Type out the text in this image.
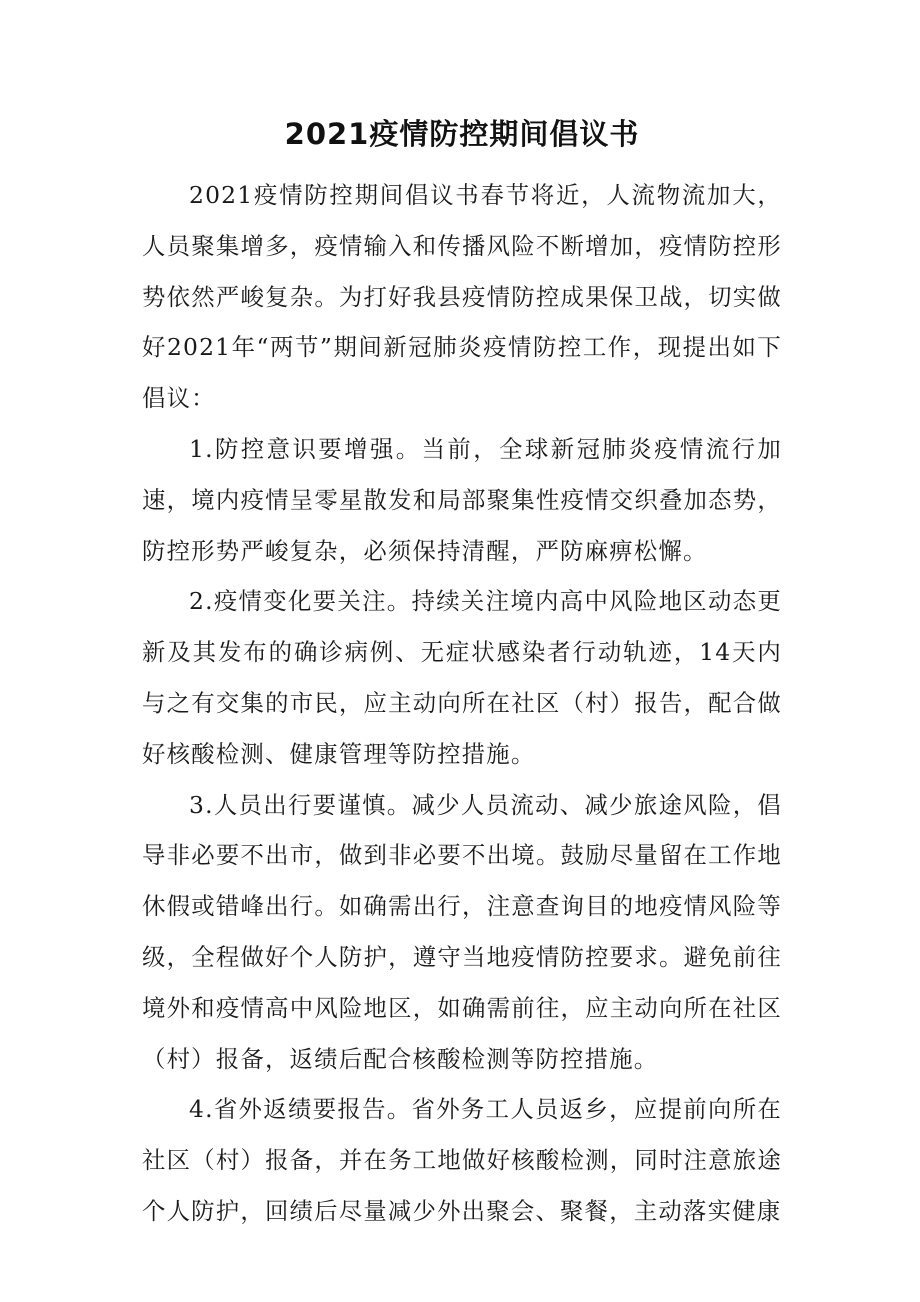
2021疫情防控期间倡议书

2021疫情防控期间倡议书春节将近，人流物流加大，人员聚集增多，疫情输入和传播风险不断增加，疫情防控形势依然严峻复杂。为打好我县疫情防控成果保卫战，切实做好2021年“两节”期间新冠肺炎疫情防控工作，现提出如下倡议：

1.防控意识要增强。当前，全球新冠肺炎疫情流行加速，境内疫情呈零星散发和局部聚集性疫情交织叠加态势，防控形势严峻复杂，必须保持清醒，严防麻痹松懈。

2.疫情变化要关注。持续关注境内高中风险地区动态更新及其发布的确诊病例、无症状感染者行动轨迹，14天内与之有交集的市民，应主动向所在社区（村）报告，配合做好核酸检测、健康管理等防控措施。

3.人员出行要谨慎。减少人员流动、减少旅途风险，倡导非必要不出市，做到非必要不出境。鼓励尽量留在工作地休假或错峰出行。如确需出行，注意查询目的地疫情风险等级，全程做好个人防护，遵守当地疫情防控要求。避免前往境外和疫情高中风险地区，如确需前往，应主动向所在社区（村）报备，返绩后配合核酸检测等防控措施。

4.省外返绩要报告。省外务工人员返乡，应提前向所在社区（村）报备，并在务工地做好核酸检测，同时注意旅途个人防护，回绩后尽量减少外出聚会、聚餐，主动落实健康
